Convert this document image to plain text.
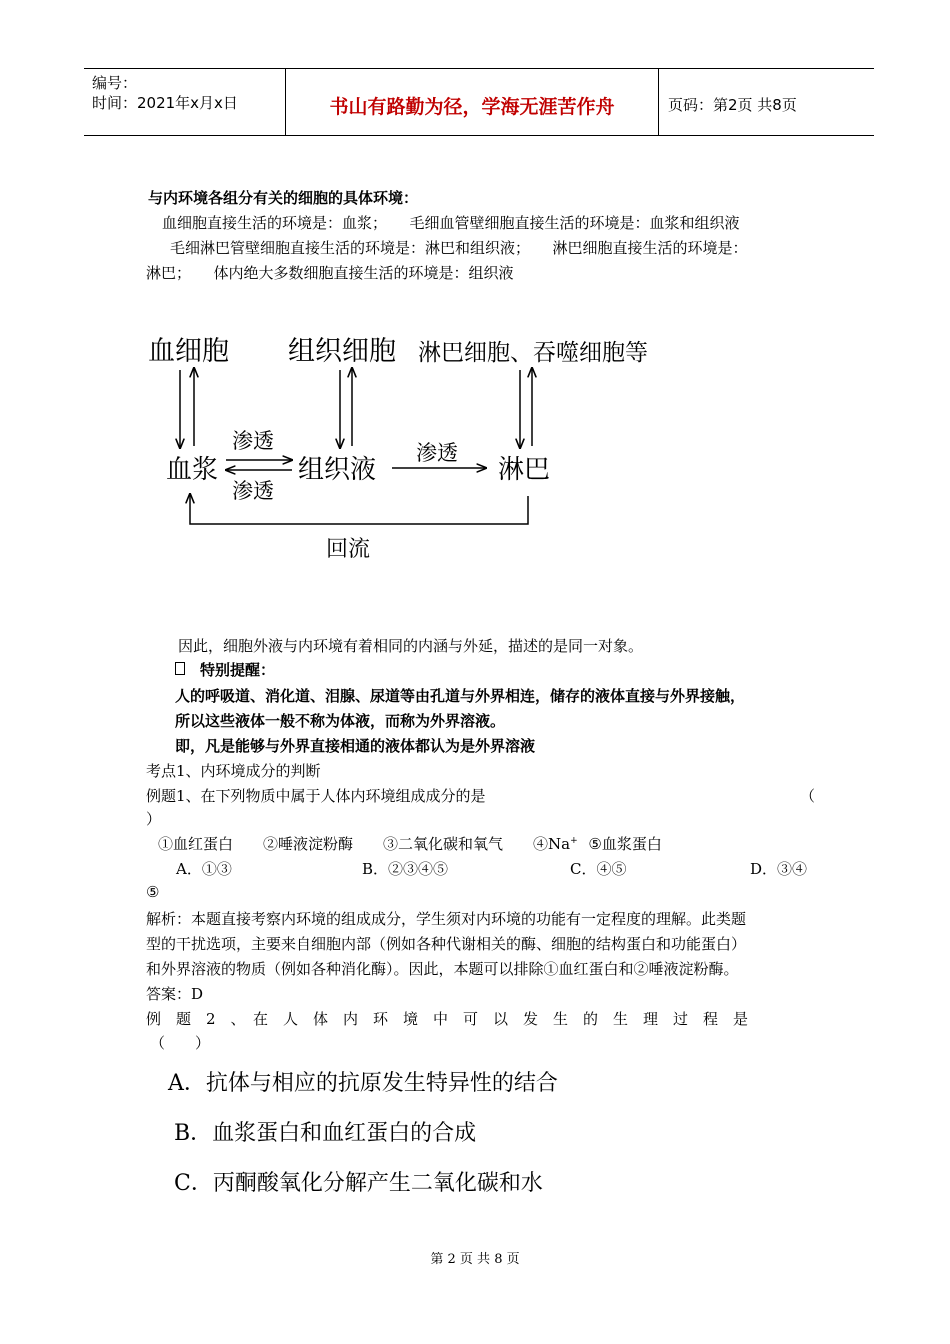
编号：
时间：2021年x月x日	书山有路勤为径，学海无涯苦作舟	页码：第2页 共8页
与内环境各组分有关的细胞的具体环境：
血细胞直接生活的环境是：血浆；　　毛细血管壁细胞直接生活的环境是：血浆和组织液
毛细淋巴管壁细胞直接生活的环境是：淋巴和组织液；　　淋巴细胞直接生活的环境是：
淋巴；　　体内绝大多数细胞直接生活的环境是：组织液
血细胞 组织细胞 淋巴细胞、吞噬细胞等
血浆	组织液	淋巴
渗透
渗透
渗透
回流
因此，细胞外液与内环境有着相同的内涵与外延，描述的是同一对象。
特别提醒：
人的呼吸道、消化道、泪腺、尿道等由孔道与外界相连，储存的液体直接与外界接触，
所以这些液体一般不称为体液，而称为外界溶液。
即，凡是能够与外界直接相通的液体都认为是外界溶液
考点1、内环境成分的判断
例题1、在下列物质中属于人体内环境组成成分的是	（
）
①血红蛋白　　②唾液淀粉酶　　③二氧化碳和氧气　　④Na+ ⑤血浆蛋白
A．①③	B．②③④⑤	C．④⑤	D．③④
⑤
解析：本题直接考察内环境的组成成分，学生须对内环境的功能有一定程度的理解。此类题
型的干扰选项，主要来自细胞内部（例如各种代谢相关的酶、细胞的结构蛋白和功能蛋白）
和外界溶液的物质（例如各种消化酶）。因此，本题可以排除①血红蛋白和②唾液淀粉酶。
答案：D
例　题　2　、　在　人　体　内　环　境　中　可　以　发　生　的　生　理　过　程　是
（　　）
A．抗体与相应的抗原发生特异性的结合
B．血浆蛋白和血红蛋白的合成
C．丙酮酸氧化分解产生二氧化碳和水
第 2 页 共 8 页
